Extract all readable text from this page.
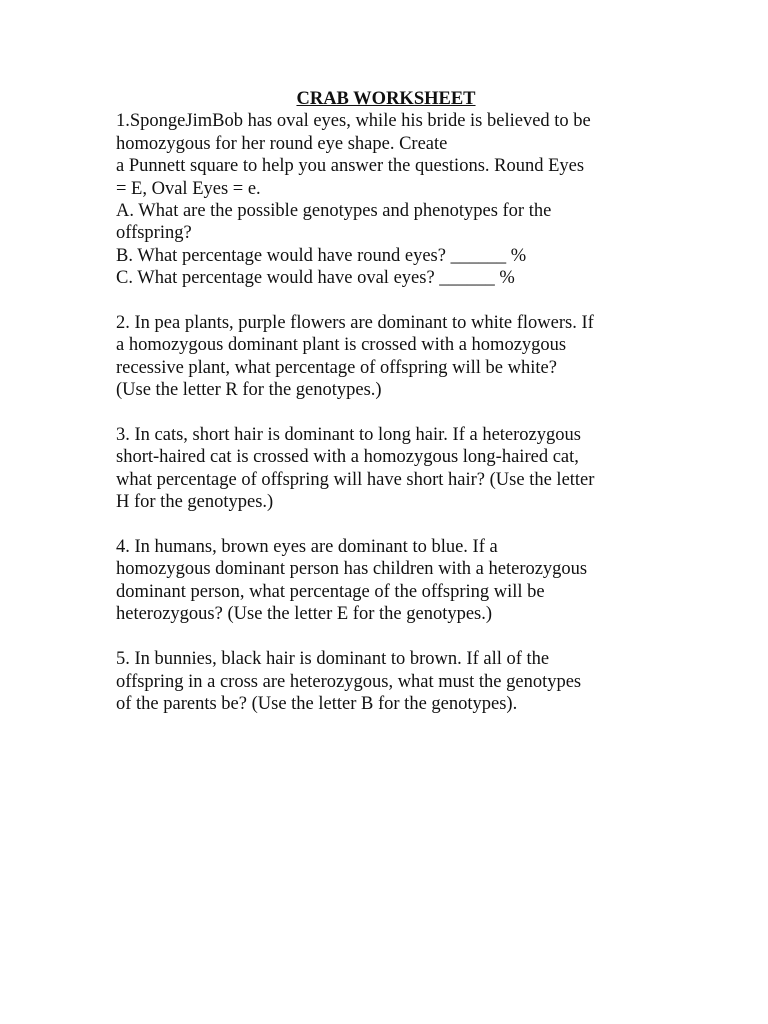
CRAB WORKSHEET

1.SpongeJimBob has oval eyes, while his bride is believed to be

homozygous for her round eye shape. Create

a Punnett square to help you answer the questions. Round Eyes

= E, Oval Eyes = e.

A. What are the possible genotypes and phenotypes for the

offspring?

B. What percentage would have round eyes? ______ %

C. What percentage would have oval eyes? ______ %

2. In pea plants, purple flowers are dominant to white flowers. If

a homozygous dominant plant is crossed with a homozygous

recessive plant, what percentage of offspring will be white?

(Use the letter R for the genotypes.)

3. In cats, short hair is dominant to long hair. If a heterozygous

short-haired cat is crossed with a homozygous long-haired cat,

what percentage of offspring will have short hair? (Use the letter

H for the genotypes.)

4. In humans, brown eyes are dominant to blue. If a

homozygous dominant person has children with a heterozygous

dominant person, what percentage of the offspring will be

heterozygous? (Use the letter E for the genotypes.)

5. In bunnies, black hair is dominant to brown. If all of the

offspring in a cross are heterozygous, what must the genotypes

of the parents be? (Use the letter B for the genotypes).
